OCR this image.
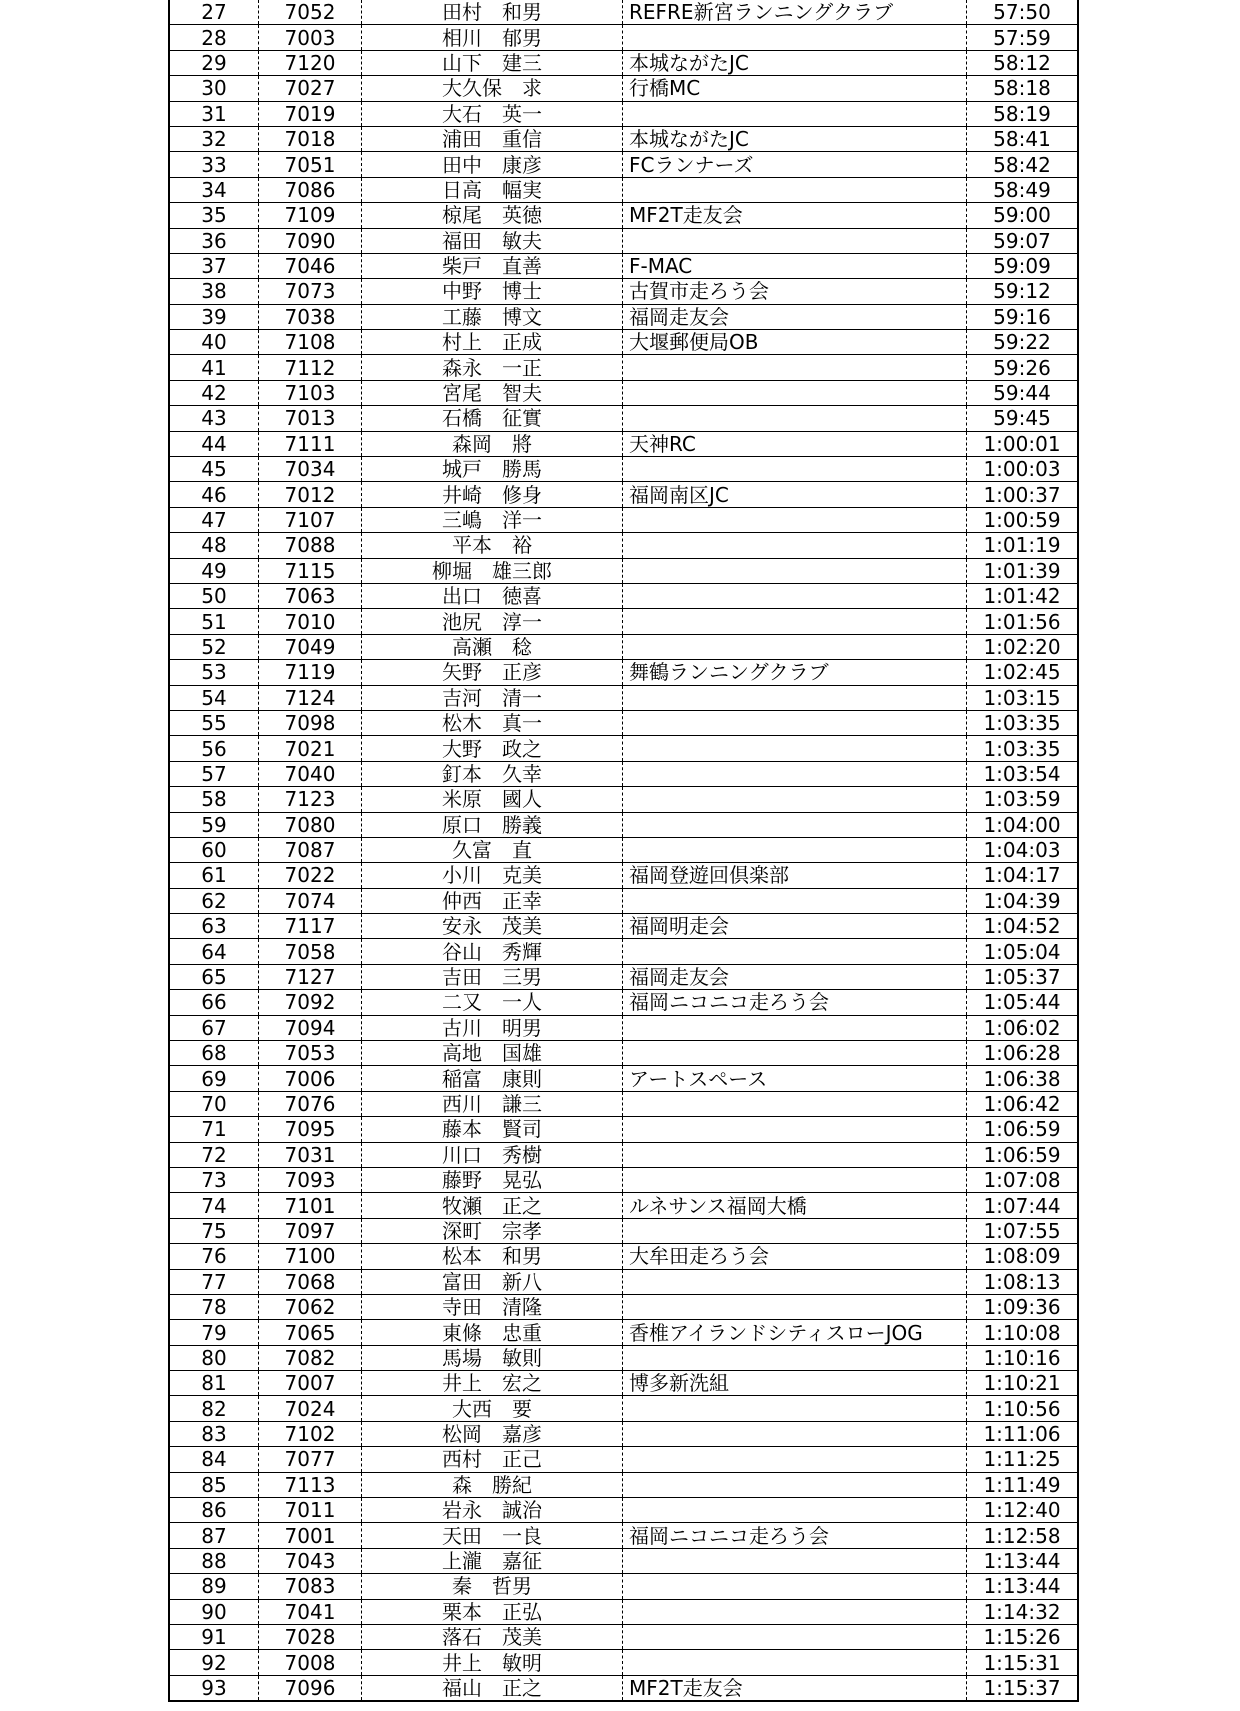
27	7052	田村　和男	REFRE新宮ランニングクラブ	57:50
28	7003	相川　郁男		57:59
29	7120	山下　建三	本城ながたJC	58:12
30	7027	大久保　求	行橋MC	58:18
31	7019	大石　英一		58:19
32	7018	浦田　重信	本城ながたJC	58:41
33	7051	田中　康彦	FCランナーズ	58:42
34	7086	日高　幅実		58:49
35	7109	椋尾　英徳	MF2T走友会	59:00
36	7090	福田　敏夫		59:07
37	7046	柴戸　直善	F-MAC	59:09
38	7073	中野　博士	古賀市走ろう会	59:12
39	7038	工藤　博文	福岡走友会	59:16
40	7108	村上　正成	大堰郵便局OB	59:22
41	7112	森永　一正		59:26
42	7103	宮尾　智夫		59:44
43	7013	石橋　征實		59:45
44	7111	森岡　將	天神RC	1:00:01
45	7034	城戸　勝馬		1:00:03
46	7012	井崎　修身	福岡南区JC	1:00:37
47	7107	三嶋　洋一		1:00:59
48	7088	平本　裕		1:01:19
49	7115	柳堀　雄三郎		1:01:39
50	7063	出口　徳喜		1:01:42
51	7010	池尻　淳一		1:01:56
52	7049	高瀬　稔		1:02:20
53	7119	矢野　正彦	舞鶴ランニングクラブ	1:02:45
54	7124	吉河　清一		1:03:15
55	7098	松木　真一		1:03:35
56	7021	大野　政之		1:03:35
57	7040	釘本　久幸		1:03:54
58	7123	米原　國人		1:03:59
59	7080	原口　勝義		1:04:00
60	7087	久富　直		1:04:03
61	7022	小川　克美	福岡登遊回倶楽部	1:04:17
62	7074	仲西　正幸		1:04:39
63	7117	安永　茂美	福岡明走会	1:04:52
64	7058	谷山　秀輝		1:05:04
65	7127	吉田　三男	福岡走友会	1:05:37
66	7092	二又　一人	福岡ニコニコ走ろう会	1:05:44
67	7094	古川　明男		1:06:02
68	7053	高地　国雄		1:06:28
69	7006	稲富　康則	アートスペース	1:06:38
70	7076	西川　謙三		1:06:42
71	7095	藤本　賢司		1:06:59
72	7031	川口　秀樹		1:06:59
73	7093	藤野　晃弘		1:07:08
74	7101	牧瀬　正之	ルネサンス福岡大橋	1:07:44
75	7097	深町　宗孝		1:07:55
76	7100	松本　和男	大牟田走ろう会	1:08:09
77	7068	富田　新八		1:08:13
78	7062	寺田　清隆		1:09:36
79	7065	東條　忠重	香椎アイランドシティスローJOG	1:10:08
80	7082	馬場　敏則		1:10:16
81	7007	井上　宏之	博多新洗組	1:10:21
82	7024	大西　要		1:10:56
83	7102	松岡　嘉彦		1:11:06
84	7077	西村　正己		1:11:25
85	7113	森　勝紀		1:11:49
86	7011	岩永　誠治		1:12:40
87	7001	天田　一良	福岡ニコニコ走ろう会	1:12:58
88	7043	上瀧　嘉征		1:13:44
89	7083	秦　哲男		1:13:44
90	7041	栗本　正弘		1:14:32
91	7028	落石　茂美		1:15:26
92	7008	井上　敏明		1:15:31
93	7096	福山　正之	MF2T走友会	1:15:37
